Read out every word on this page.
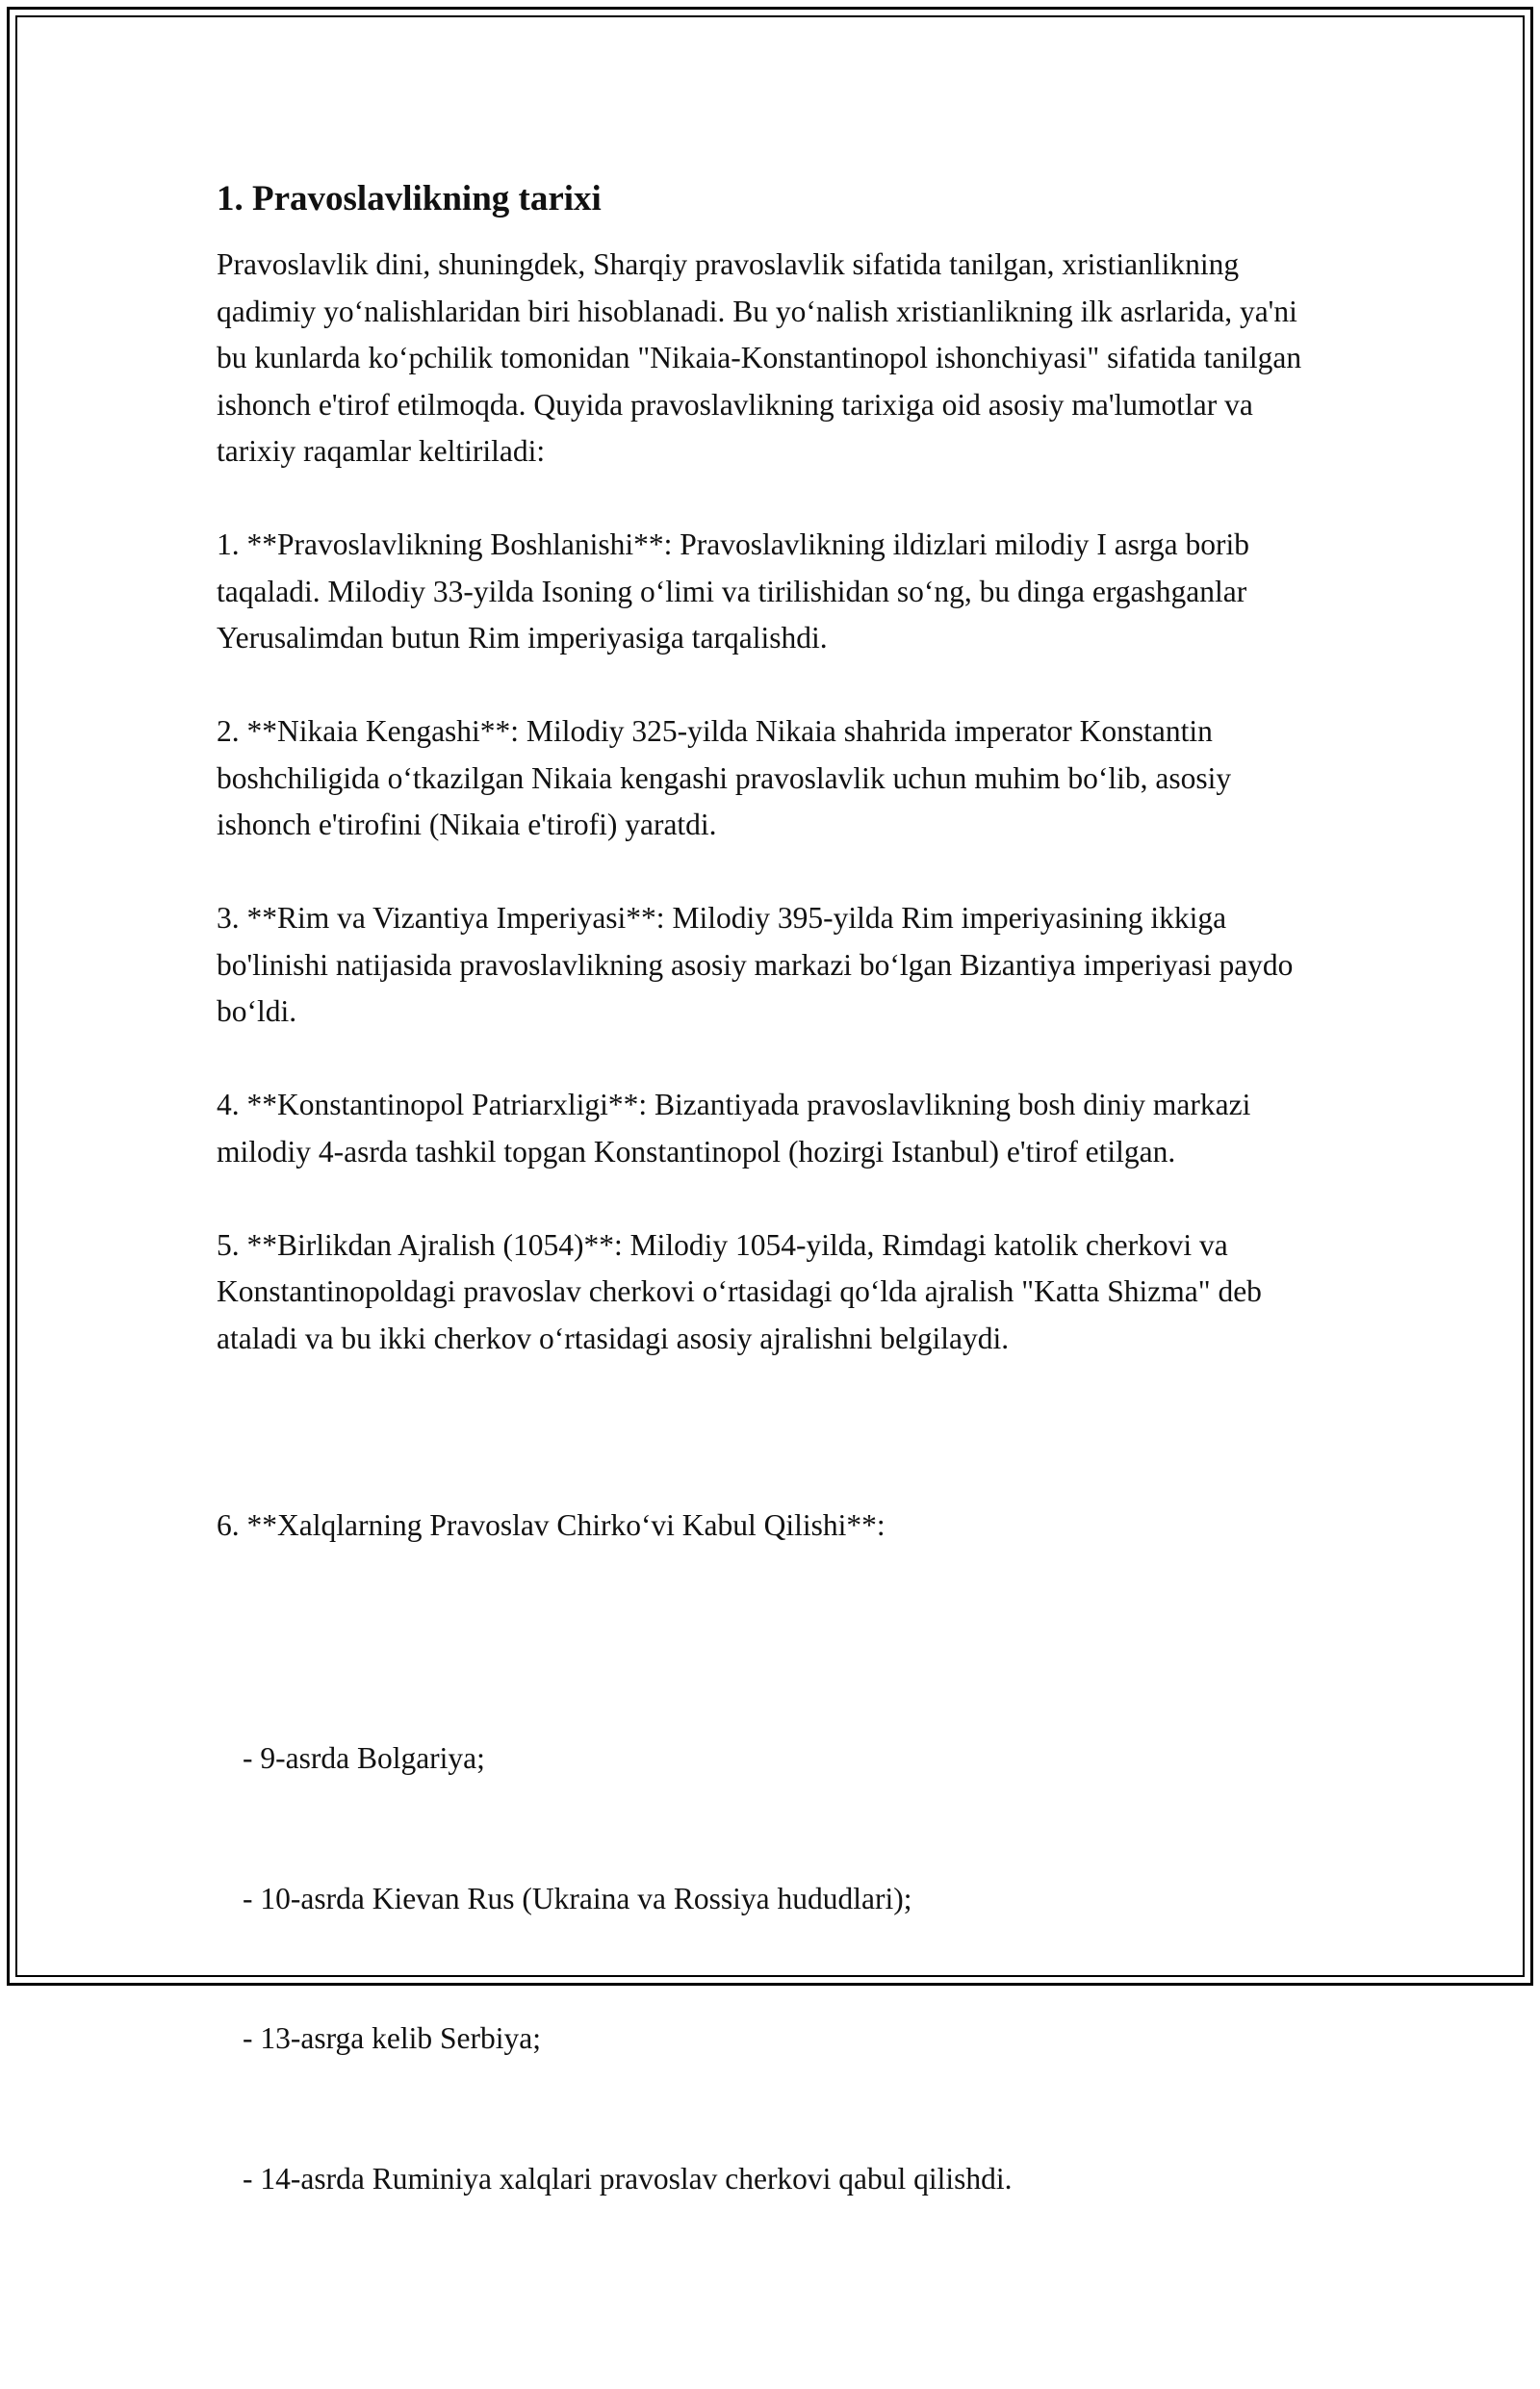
1. Pravoslavlikning tarixi
Pravoslavlik dini, shuningdek, Sharqiy pravoslavlik sifatida tanilgan, xristianlikning qadimiy yo‘nalishlaridan biri hisoblanadi. Bu yo‘nalish xristianlikning ilk asrlarida, ya'ni bu kunlarda ko‘pchilik tomonidan "Nikaia-Konstantinopol ishonchiyasi" sifatida tanilgan ishonch e'tirof etilmoqda. Quyida pravoslavlikning tarixiga oid asosiy ma'lumotlar va tarixiy raqamlar keltiriladi:
1. **Pravoslavlikning Boshlanishi**: Pravoslavlikning ildizlari milodiy I asrga borib taqaladi. Milodiy 33-yilda Isoning o‘limi va tirilishidan so‘ng, bu dinga ergashganlar Yerusalimdan butun Rim imperiyasiga tarqalishdi.
2. **Nikaia Kengashi**: Milodiy 325-yilda Nikaia shahrida imperator Konstantin boshchiligida o‘tkazilgan Nikaia kengashi pravoslavlik uchun muhim bo‘lib, asosiy ishonch e'tirofini (Nikaia e'tirofi) yaratdi.
3. **Rim va Vizantiya Imperiyasi**: Milodiy 395-yilda Rim imperiyasining ikkiga bo'linishi natijasida pravoslavlikning asosiy markazi bo‘lgan Bizantiya imperiyasi paydo bo‘ldi.
4. **Konstantinopol Patriarxligi**: Bizantiyada pravoslavlikning bosh diniy markazi milodiy 4-asrda tashkil topgan Konstantinopol (hozirgi Istanbul) e'tirof etilgan.
5. **Birlikdan Ajralish (1054)**: Milodiy 1054-yilda, Rimdagi katolik cherkovi va Konstantinopoldagi pravoslav cherkovi o‘rtasidagi qo‘lda ajralish "Katta Shizma" deb ataladi va bu ikki cherkov o‘rtasidagi asosiy ajralishni belgilaydi.

6. **Xalqlarning Pravoslav Chirko‘vi Kabul Qilishi**:

- 9-asrda Bolgariya;

- 10-asrda Kievan Rus (Ukraina va Rossiya hududlari);

- 13-asrga kelib Serbiya;

- 14-asrda Ruminiya xalqlari pravoslav cherkovi qabul qilishdi.
